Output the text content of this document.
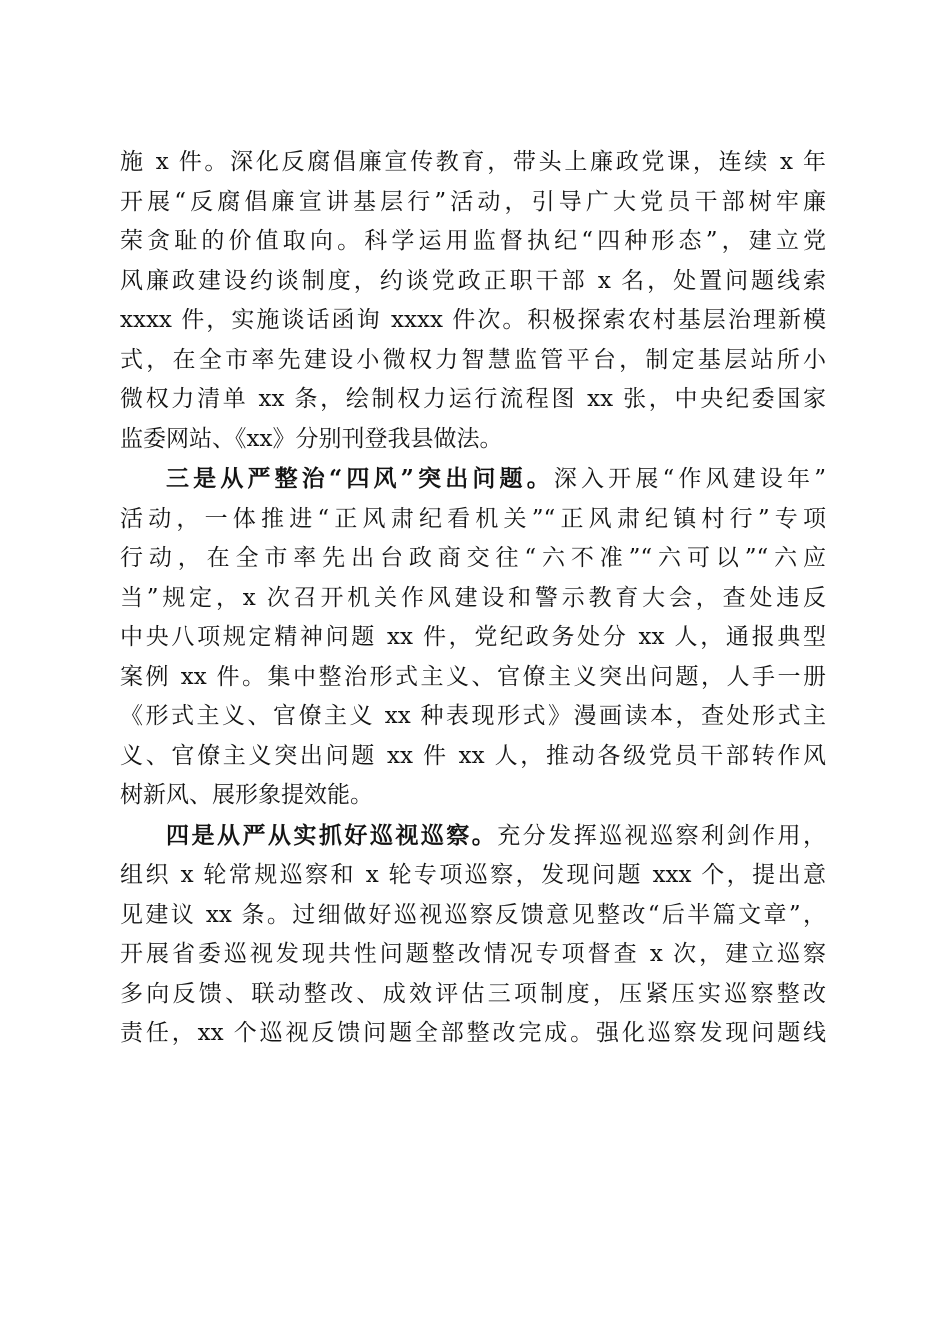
施 x 件。深化反腐倡廉宣传教育，带头上廉政党课，连续 x 年
开展“反腐倡廉宣讲基层行”活动，引导广大党员干部树牢廉
荣贪耻的价值取向。科学运用监督执纪“四种形态”，建立党
风廉政建设约谈制度，约谈党政正职干部 x 名，处置问题线索
xxxx 件，实施谈话函询 xxxx 件次。积极探索农村基层治理新模
式，在全市率先建设小微权力智慧监管平台，制定基层站所小
微权力清单 xx 条，绘制权力运行流程图 xx 张，中央纪委国家
监委网站、《xx》分别刊登我县做法。

三是从严整治“四风”突出问题。深入开展“作风建设年”
活动，一体推进“正风肃纪看机关”“正风肃纪镇村行”专项
行动，在全市率先出台政商交往“六不准”“六可以”“六应
当”规定，x 次召开机关作风建设和警示教育大会，查处违反
中央八项规定精神问题 xx 件，党纪政务处分 xx 人，通报典型
案例 xx 件。集中整治形式主义、官僚主义突出问题，人手一册
《形式主义、官僚主义 xx 种表现形式》漫画读本，查处形式主
义、官僚主义突出问题 xx 件 xx 人，推动各级党员干部转作风
树新风、展形象提效能。

四是从严从实抓好巡视巡察。充分发挥巡视巡察利剑作用，
组织 x 轮常规巡察和 x 轮专项巡察，发现问题 xxx 个，提出意
见建议 xx 条。过细做好巡视巡察反馈意见整改“后半篇文章”，
开展省委巡视发现共性问题整改情况专项督查 x 次，建立巡察
多向反馈、联动整改、成效评估三项制度，压紧压实巡察整改
责任，xx 个巡视反馈问题全部整改完成。强化巡察发现问题线
